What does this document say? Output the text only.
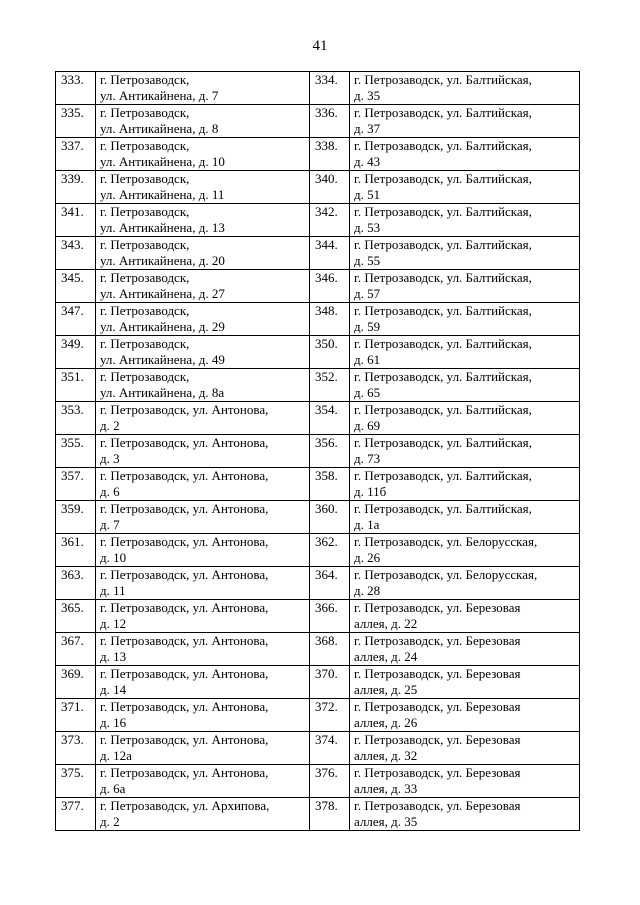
41
333.	г. Петрозаводск,
ул. Антикайнена, д. 7	334.	г. Петрозаводск, ул. Балтийская,
д. 35

335.	г. Петрозаводск,
ул. Антикайнена, д. 8	336.	г. Петрозаводск, ул. Балтийская,
д. 37

337.	г. Петрозаводск,
ул. Антикайнена, д. 10	338.	г. Петрозаводск, ул. Балтийская,
д. 43

339.	г. Петрозаводск,
ул. Антикайнена, д. 11	340.	г. Петрозаводск, ул. Балтийская,
д. 51

341.	г. Петрозаводск,
ул. Антикайнена, д. 13	342.	г. Петрозаводск, ул. Балтийская,
д. 53

343.	г. Петрозаводск,
ул. Антикайнена, д. 20	344.	г. Петрозаводск, ул. Балтийская,
д. 55

345.	г. Петрозаводск,
ул. Антикайнена, д. 27	346.	г. Петрозаводск, ул. Балтийская,
д. 57

347.	г. Петрозаводск,
ул. Антикайнена, д. 29	348.	г. Петрозаводск, ул. Балтийская,
д. 59

349.	г. Петрозаводск,
ул. Антикайнена, д. 49	350.	г. Петрозаводск, ул. Балтийская,
д. 61

351.	г. Петрозаводск,
ул. Антикайнена, д. 8а	352.	г. Петрозаводск, ул. Балтийская,
д. 65

353.	г. Петрозаводск, ул. Антонова,
д. 2	354.	г. Петрозаводск, ул. Балтийская,
д. 69

355.	г. Петрозаводск, ул. Антонова,
д. 3	356.	г. Петрозаводск, ул. Балтийская,
д. 73

357.	г. Петрозаводск, ул. Антонова,
д. 6	358.	г. Петрозаводск, ул. Балтийская,
д. 11б

359.	г. Петрозаводск, ул. Антонова,
д. 7	360.	г. Петрозаводск, ул. Балтийская,
д. 1а

361.	г. Петрозаводск, ул. Антонова,
д. 10	362.	г. Петрозаводск, ул. Белорусская,
д. 26

363.	г. Петрозаводск, ул. Антонова,
д. 11	364.	г. Петрозаводск, ул. Белорусская,
д. 28

365.	г. Петрозаводск, ул. Антонова,
д. 12	366.	г. Петрозаводск, ул. Березовая
аллея, д. 22

367.	г. Петрозаводск, ул. Антонова,
д. 13	368.	г. Петрозаводск, ул. Березовая
аллея, д. 24

369.	г. Петрозаводск, ул. Антонова,
д. 14	370.	г. Петрозаводск, ул. Березовая
аллея, д. 25

371.	г. Петрозаводск, ул. Антонова,
д. 16	372.	г. Петрозаводск, ул. Березовая
аллея, д. 26

373.	г. Петрозаводск, ул. Антонова,
д. 12а	374.	г. Петрозаводск, ул. Березовая
аллея, д. 32

375.	г. Петрозаводск, ул. Антонова,
д. 6а	376.	г. Петрозаводск, ул. Березовая
аллея, д. 33

377.	г. Петрозаводск, ул. Архипова,
д. 2	378.	г. Петрозаводск, ул. Березовая
аллея, д. 35
